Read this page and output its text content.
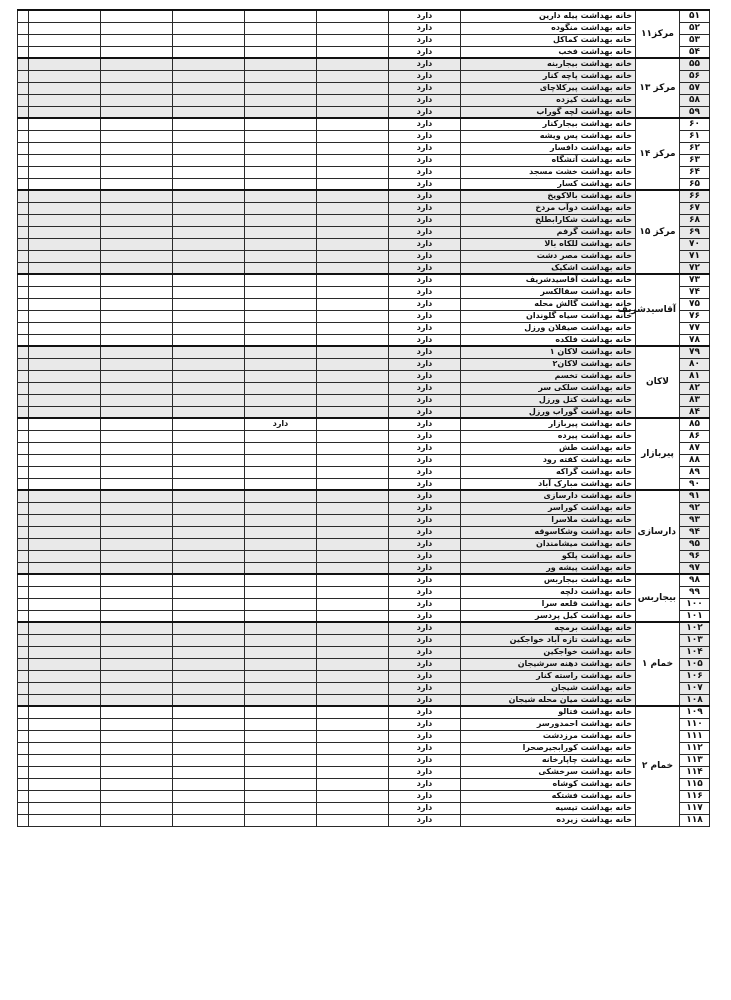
۵۱	مرکز۱۱	خانه بهداشت پیله دارین	دارد							
۵۲		خانه بهداشت منگوده	دارد							
۵۳		خانه بهداشت کماکل	دارد							
۵۴		خانه بهداشت فخب	دارد							
۵۵	مرکز ۱۳	خانه بهداشت بیجاربنه	دارد							
۵۶		خانه بهداشت پاچه کنار	دارد							
۵۷		خانه بهداشت پیرکلاچای	دارد							
۵۸		خانه بهداشت کیزده	دارد							
۵۹		خانه بهداشت لچه گوراب	دارد							
۶۰	مرکز ۱۴	خانه بهداشت بیجارکنار	دارد							
۶۱		خانه بهداشت پس ویشه	دارد							
۶۲		خانه بهداشت دافسار	دارد							
۶۳		خانه بهداشت آتشگاه	دارد							
۶۴		خانه بهداشت خشت مسجد	دارد							
۶۵		خانه بهداشت کسار	دارد							
۶۶	مرکز ۱۵	خانه بهداشت بالاکویخ	دارد							
۶۷		خانه بهداشت دوآب مردخ	دارد							
۶۸		خانه بهداشت شکارابطلخ	دارد							
۶۹		خانه بهداشت گرفم	دارد							
۷۰		خانه بهداشت للکاه بالا	دارد							
۷۱		خانه بهداشت مصر دشت	دارد							
۷۲		خانه بهداشت اشکیک	دارد							
۷۳	آقاسیدشریف	خانه بهداشت آقاسیدشریف	دارد							
۷۴		خانه بهداشت سقالکسر	دارد							
۷۵		خانه بهداشت گالش محله	دارد							
۷۶		خانه بهداشت سیاه گلوندان	دارد							
۷۷		خانه بهداشت صیقلان ورزل	دارد							
۷۸		خانه بهداشت فلکده	دارد							
۷۹	لاکان	خانه بهداشت لاکان ۱	دارد							
۸۰		خانه بهداشت لاکان۲	دارد							
۸۱		خانه بهداشت تخسم	دارد							
۸۲		خانه بهداشت سلکی سر	دارد							
۸۳		خانه بهداشت کتل ورزل	دارد							
۸۴		خانه بهداشت گوراب ورزل	دارد							
۸۵	پیربازار	خانه بهداشت پیربازار	دارد		دارد					
۸۶		خانه بهداشت پیرده	دارد							
۸۷		خانه بهداشت طش	دارد							
۸۸		خانه بهداشت کفته رود	دارد							
۸۹		خانه بهداشت گراکه	دارد							
۹۰		خانه بهداشت مبارک آباد	دارد							
۹۱	دارسازی	خانه بهداشت دارسازی	دارد							
۹۲		خانه بهداشت کوراسر	دارد							
۹۳		خانه بهداشت ملاسرا	دارد							
۹۴		خانه بهداشت وشکاسوقه	دارد							
۹۵		خانه بهداشت میشامندان	دارد							
۹۶		خانه بهداشت پلکو	دارد							
۹۷		خانه بهداشت پیشه ور	دارد							
۹۸	بیجاربس	خانه بهداشت بیجاربس	دارد							
۹۹		خانه بهداشت دلچه	دارد							
۱۰۰		خانه بهداشت قلعه سرا	دارد							
۱۰۱		خانه بهداشت کیل پردسر	دارد							
۱۰۲	خمام ۱	خانه بهداشت برمچه	دارد							
۱۰۳		خانه بهداشت تازه آباد خواجکین	دارد							
۱۰۴		خانه بهداشت خواجکین	دارد							
۱۰۵		خانه بهداشت دهنه سرشیجان	دارد							
۱۰۶		خانه بهداشت راسته کنار	دارد							
۱۰۷		خانه بهداشت شیجان	دارد							
۱۰۸		خانه بهداشت میان محله شیجان	دارد							
۱۰۹	خمام ۲	خانه بهداشت فتالو	دارد							
۱۱۰		خانه بهداشت احمدورسر	دارد							
۱۱۱		خانه بهداشت مرزدشت	دارد							
۱۱۲		خانه بهداشت کورابجیرصحرا	دارد							
۱۱۳		خانه بهداشت چاپارخانه	دارد							
۱۱۴		خانه بهداشت سرخشکی	دارد							
۱۱۵		خانه بهداشت کوشاه	دارد							
۱۱۶		خانه بهداشت فشتکه	دارد							
۱۱۷		خانه بهداشت تیسیه	دارد							
۱۱۸		خانه بهداشت زیرده	دارد							
